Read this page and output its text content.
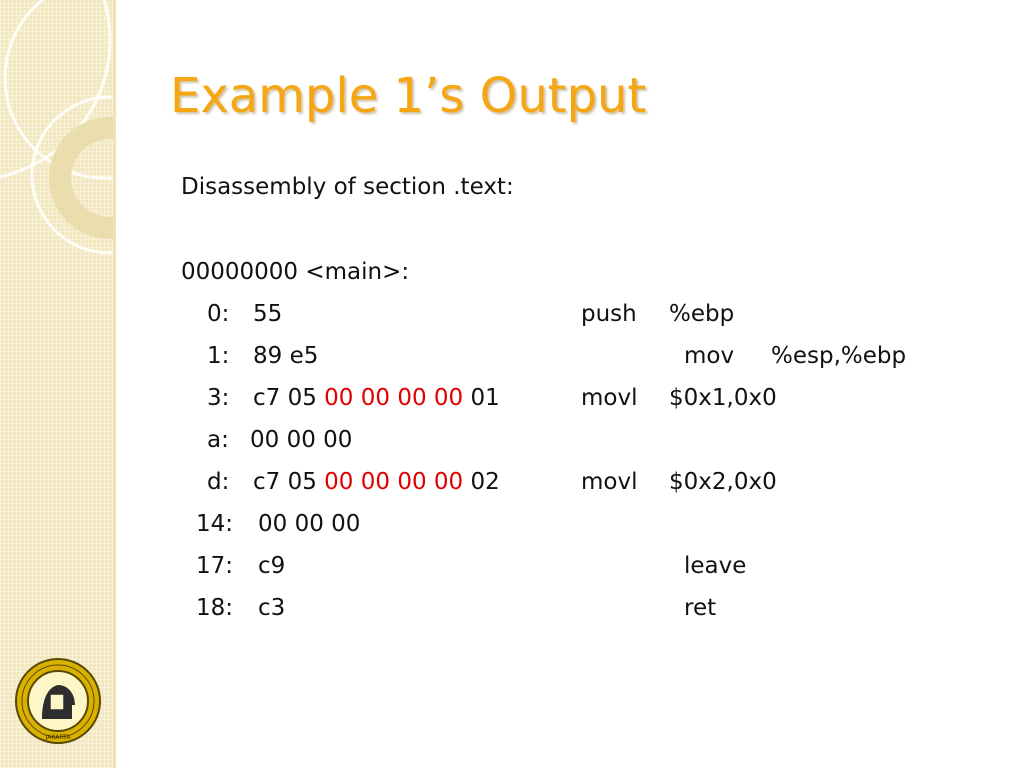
JAKARTA
Example 1’s Output
Disassembly of section .text:
00000000 <main>:
0: 55	push %ebp
1: 89 e5	mov %esp,%ebp
3: c7 05 00 00 00 00 01	movl $0x1,0x0
a: 00 00 00
d: c7 05 00 00 00 00 02	movl $0x2,0x0
14: 00 00 00
17: c9	leave
18: c3	ret
